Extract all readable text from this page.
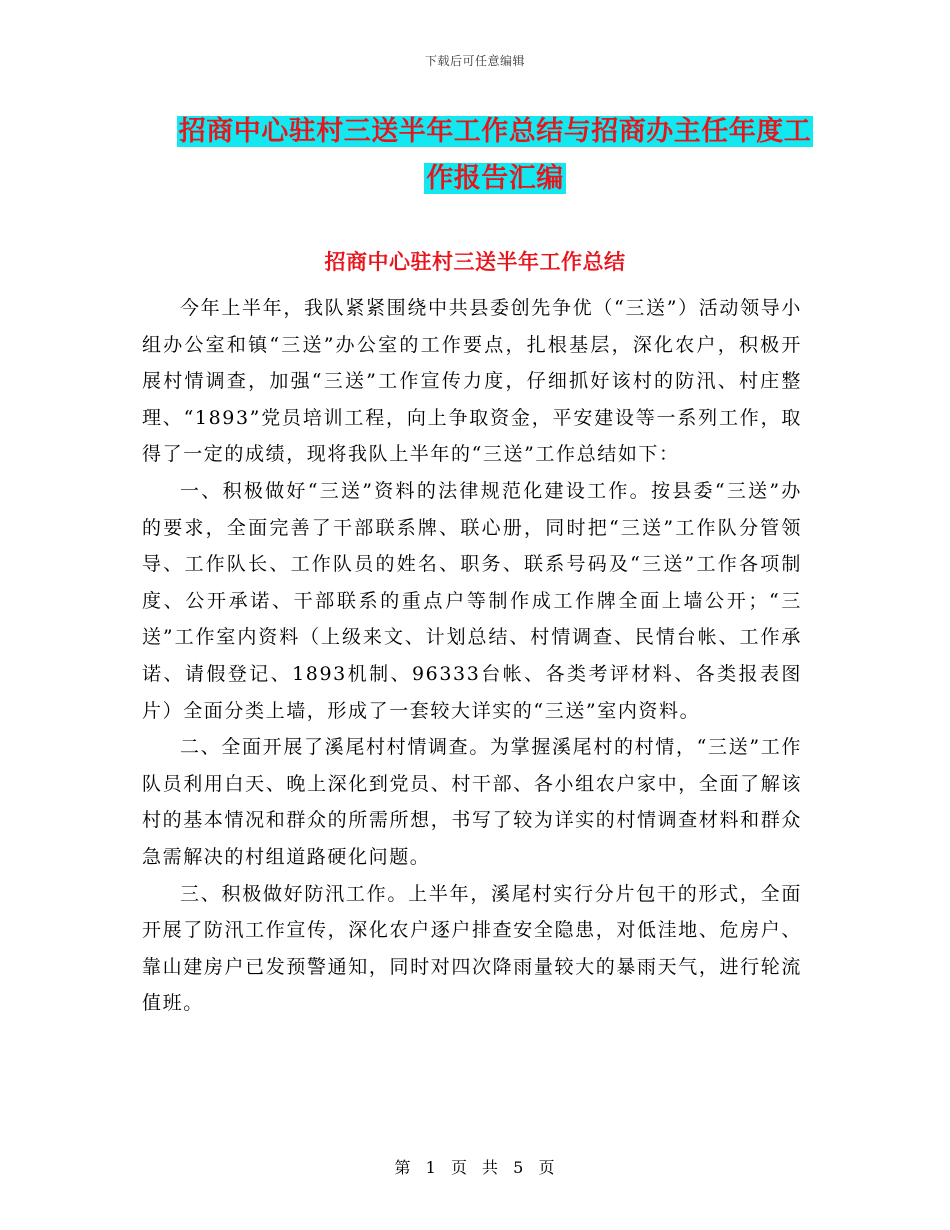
下载后可任意编辑
招商中心驻村三送半年工作总结与招商办主任年度工
作报告汇编
招商中心驻村三送半年工作总结

今年上半年，我队紧紧围绕中共县委创先争优（“三送”）活动领导小组办公室和镇“三送”办公室的工作要点，扎根基层，深化农户，积极开展村情调查，加强“三送”工作宣传力度，仔细抓好该村的防汛、村庄整理、“1893”党员培训工程，向上争取资金，平安建设等一系列工作，取得了一定的成绩，现将我队上半年的“三送”工作总结如下：

一、积极做好“三送”资料的法律规范化建设工作。按县委“三送”办的要求，全面完善了干部联系牌、联心册，同时把“三送”工作队分管领导、工作队长、工作队员的姓名、职务、联系号码及“三送”工作各项制度、公开承诺、干部联系的重点户等制作成工作牌全面上墙公开；“三送”工作室内资料（上级来文、计划总结、村情调查、民情台帐、工作承诺、请假登记、1893机制、96333台帐、各类考评材料、各类报表图片）全面分类上墙，形成了一套较大详实的“三送”室内资料。

二、全面开展了溪尾村村情调查。为掌握溪尾村的村情，“三送”工作队员利用白天、晚上深化到党员、村干部、各小组农户家中，全面了解该村的基本情况和群众的所需所想，书写了较为详实的村情调查材料和群众急需解决的村组道路硬化问题。

三、积极做好防汛工作。上半年，溪尾村实行分片包干的形式，全面开展了防汛工作宣传，深化农户逐户排查安全隐患，对低洼地、危房户、靠山建房户已发预警通知，同时对四次降雨量较大的暴雨天气，进行轮流值班。

第 1 页 共 5 页
